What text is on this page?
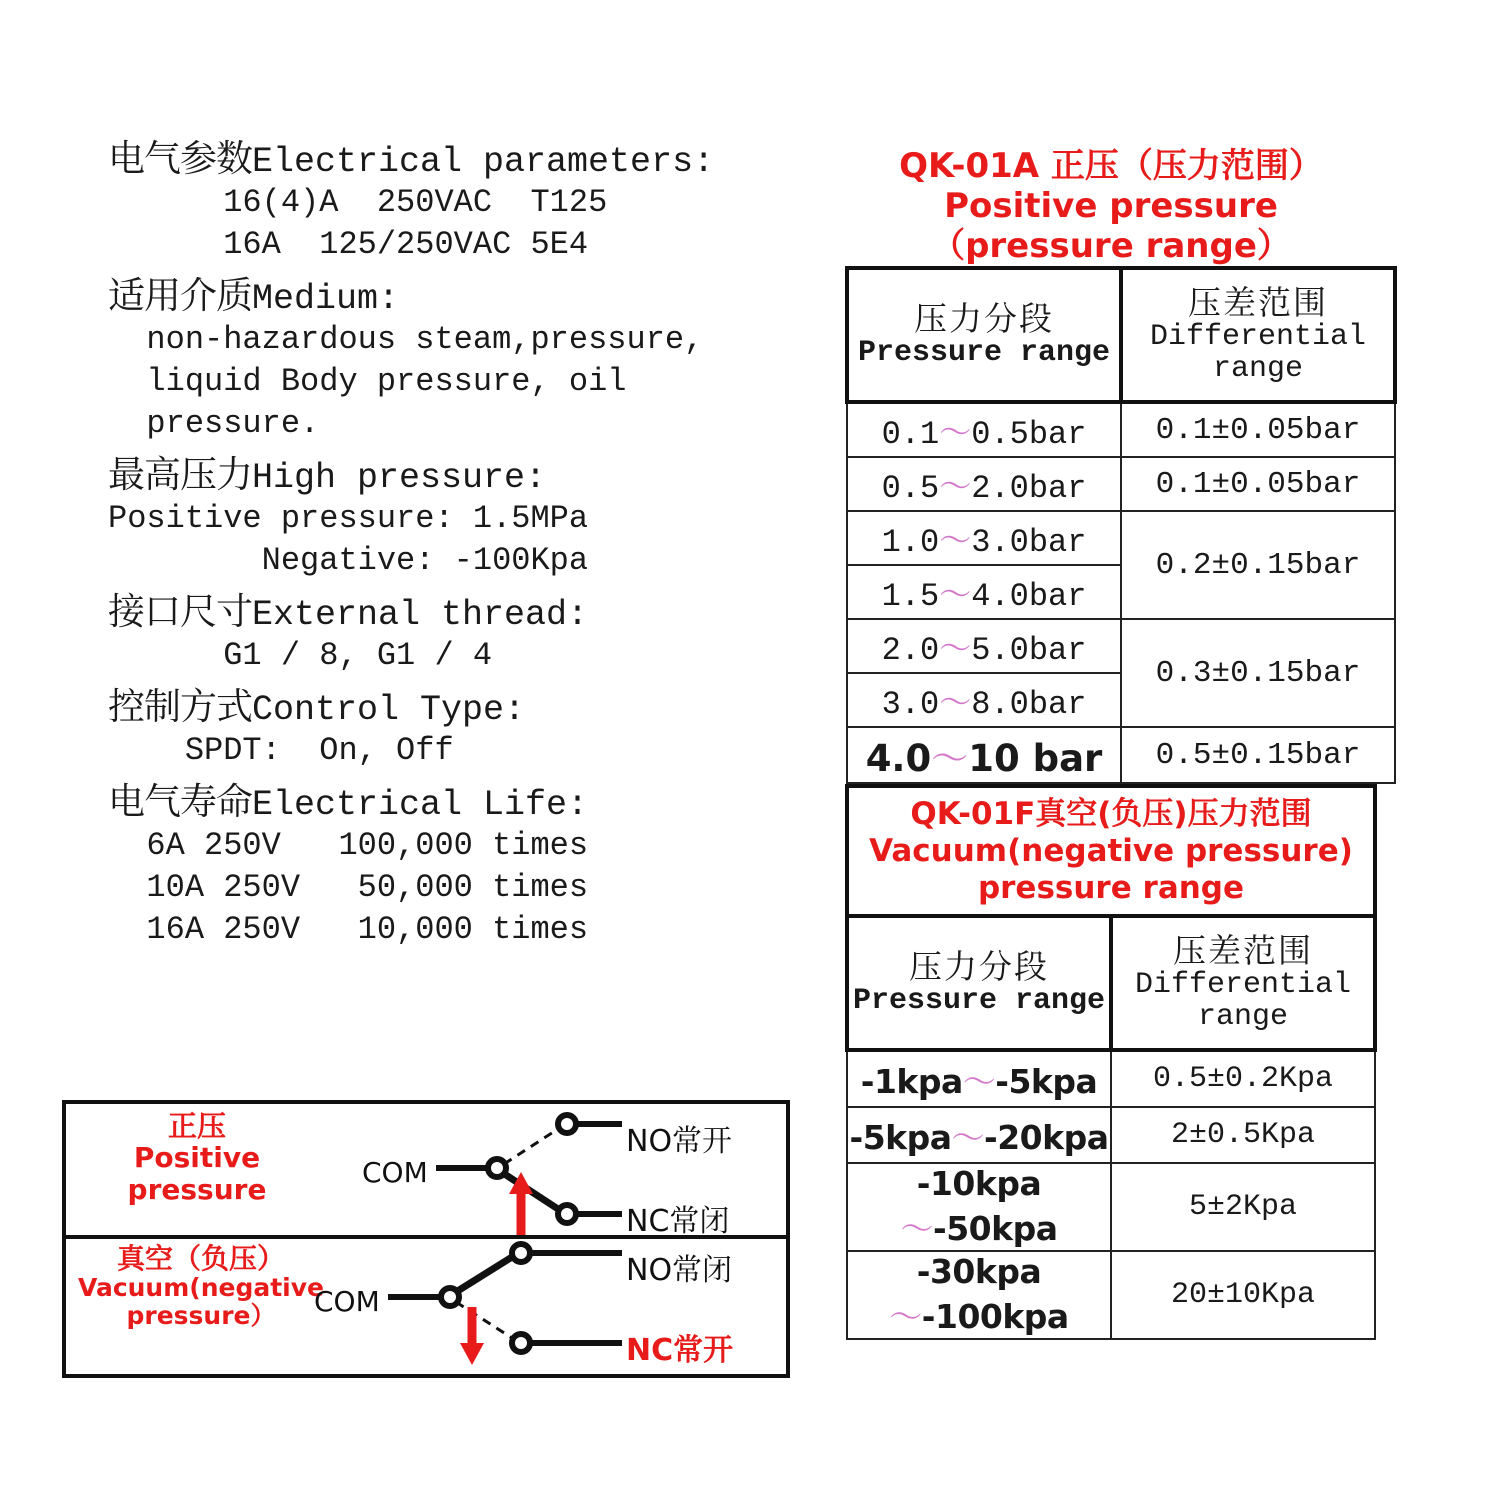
电气参数Electrical parameters:
16(4)A  250VAC  T125
16A  125/250VAC 5E4
适用介质Medium:
non-hazardous steam,pressure,
liquid Body pressure, oil
pressure.
最高压力High pressure:
Positive pressure: 1.5MPa
Negative: -100Kpa
接口尺寸External thread:
G1 / 8, G1 / 4
控制方式Control Type:
SPDT:  On, Off
电气寿命Electrical Life:
6A 250V   100,000 times
10A 250V   50,000 times
16A 250V   10,000 times
正压
Positive
pressure
COM
NO常开
NC常闭
真空（负压）
Vacuum(negative
pressure）	COM
NO常闭
NC常开
QK-01A 正压（压力范围）
Positive pressure
（pressure range）
压力分段
Pressure range	压差范围
Differential
range

0.1～0.5bar	0.1±0.05bar
0.5～2.0bar	0.1±0.05bar
1.0～3.0bar	0.2±0.15bar
1.5～4.0bar	
2.0～5.0bar	0.3±0.15bar
3.0～8.0bar	
4.0～10 bar	0.5±0.15bar
QK-01F真空(负压)压力范围
Vacuum(negative pressure)
pressure range	

压力分段
Pressure range	压差范围
Differential
range

-1kpa～-5kpa	0.5±0.2Kpa
-5kpa～-20kpa	2±0.5Kpa
-10kpa～-50kpa	5±2Kpa
-30kpa～-100kpa	20±10Kpa
